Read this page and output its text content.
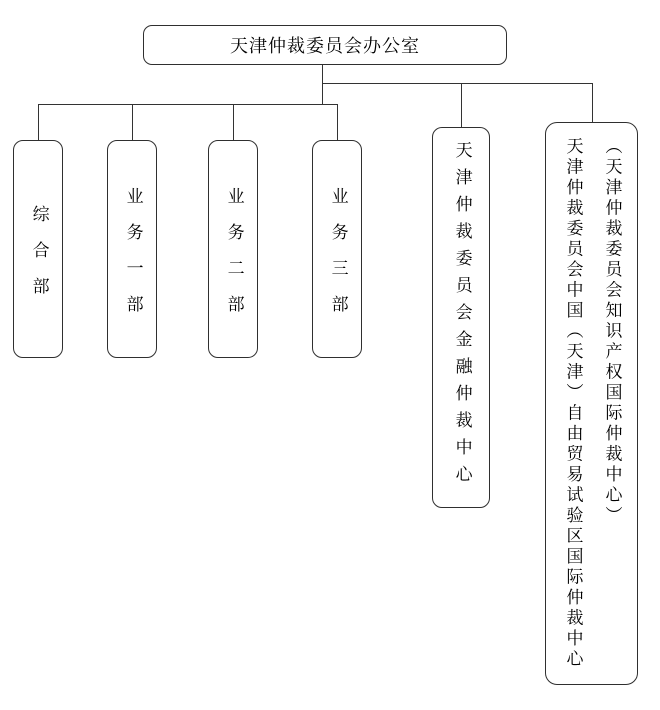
天津仲裁委员会办公室
综合部	业务一部	业务二部	业务三部	天津仲裁委员会金融仲裁中心	（天津仲裁委员会知识产权国际仲裁中心）
天津仲裁委员会中国（天津）自由贸易试验区国际仲裁中心
